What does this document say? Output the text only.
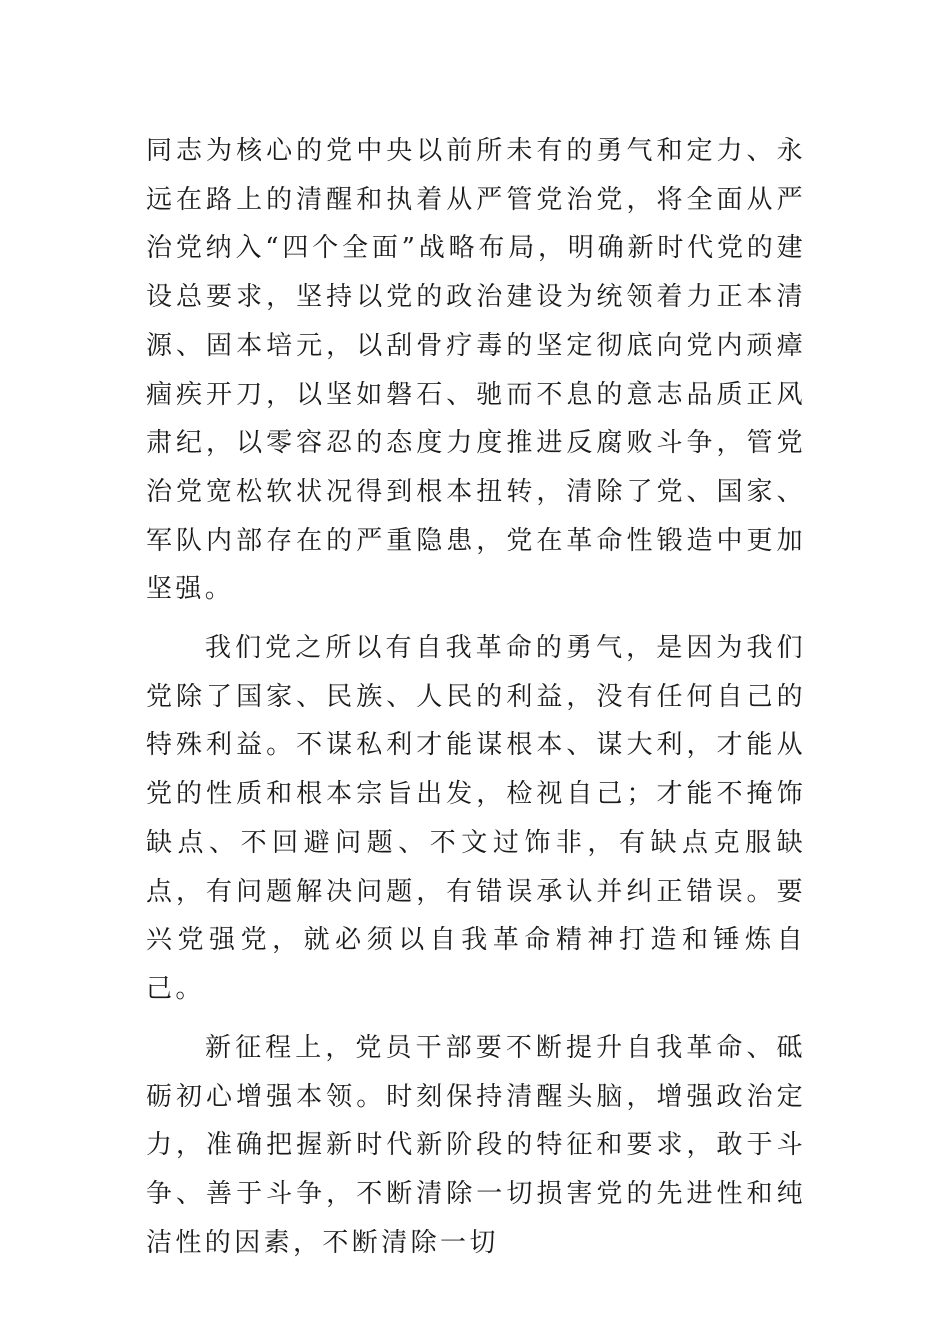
同志为核心的党中央以前所未有的勇气和定力、永远在路上的清醒和执着从严管党治党，将全面从严治党纳入“四个全面”战略布局，明确新时代党的建设总要求，坚持以党的政治建设为统领着力正本清源、固本培元，以刮骨疗毒的坚定彻底向党内顽瘴痼疾开刀，以坚如磐石、驰而不息的意志品质正风肃纪，以零容忍的态度力度推进反腐败斗争，管党治党宽松软状况得到根本扭转，清除了党、国家、军队内部存在的严重隐患，党在革命性锻造中更加坚强。

我们党之所以有自我革命的勇气，是因为我们党除了国家、民族、人民的利益，没有任何自己的特殊利益。不谋私利才能谋根本、谋大利，才能从党的性质和根本宗旨出发，检视自己；才能不掩饰缺点、不回避问题、不文过饰非，有缺点克服缺点，有问题解决问题，有错误承认并纠正错误。要兴党强党，就必须以自我革命精神打造和锤炼自己。

新征程上，党员干部要不断提升自我革命、砥砺初心增强本领。时刻保持清醒头脑，增强政治定力，准确把握新时代新阶段的特征和要求，敢于斗争、善于斗争，不断清除一切损害党的先进性和纯洁性的因素，不断清除一切
